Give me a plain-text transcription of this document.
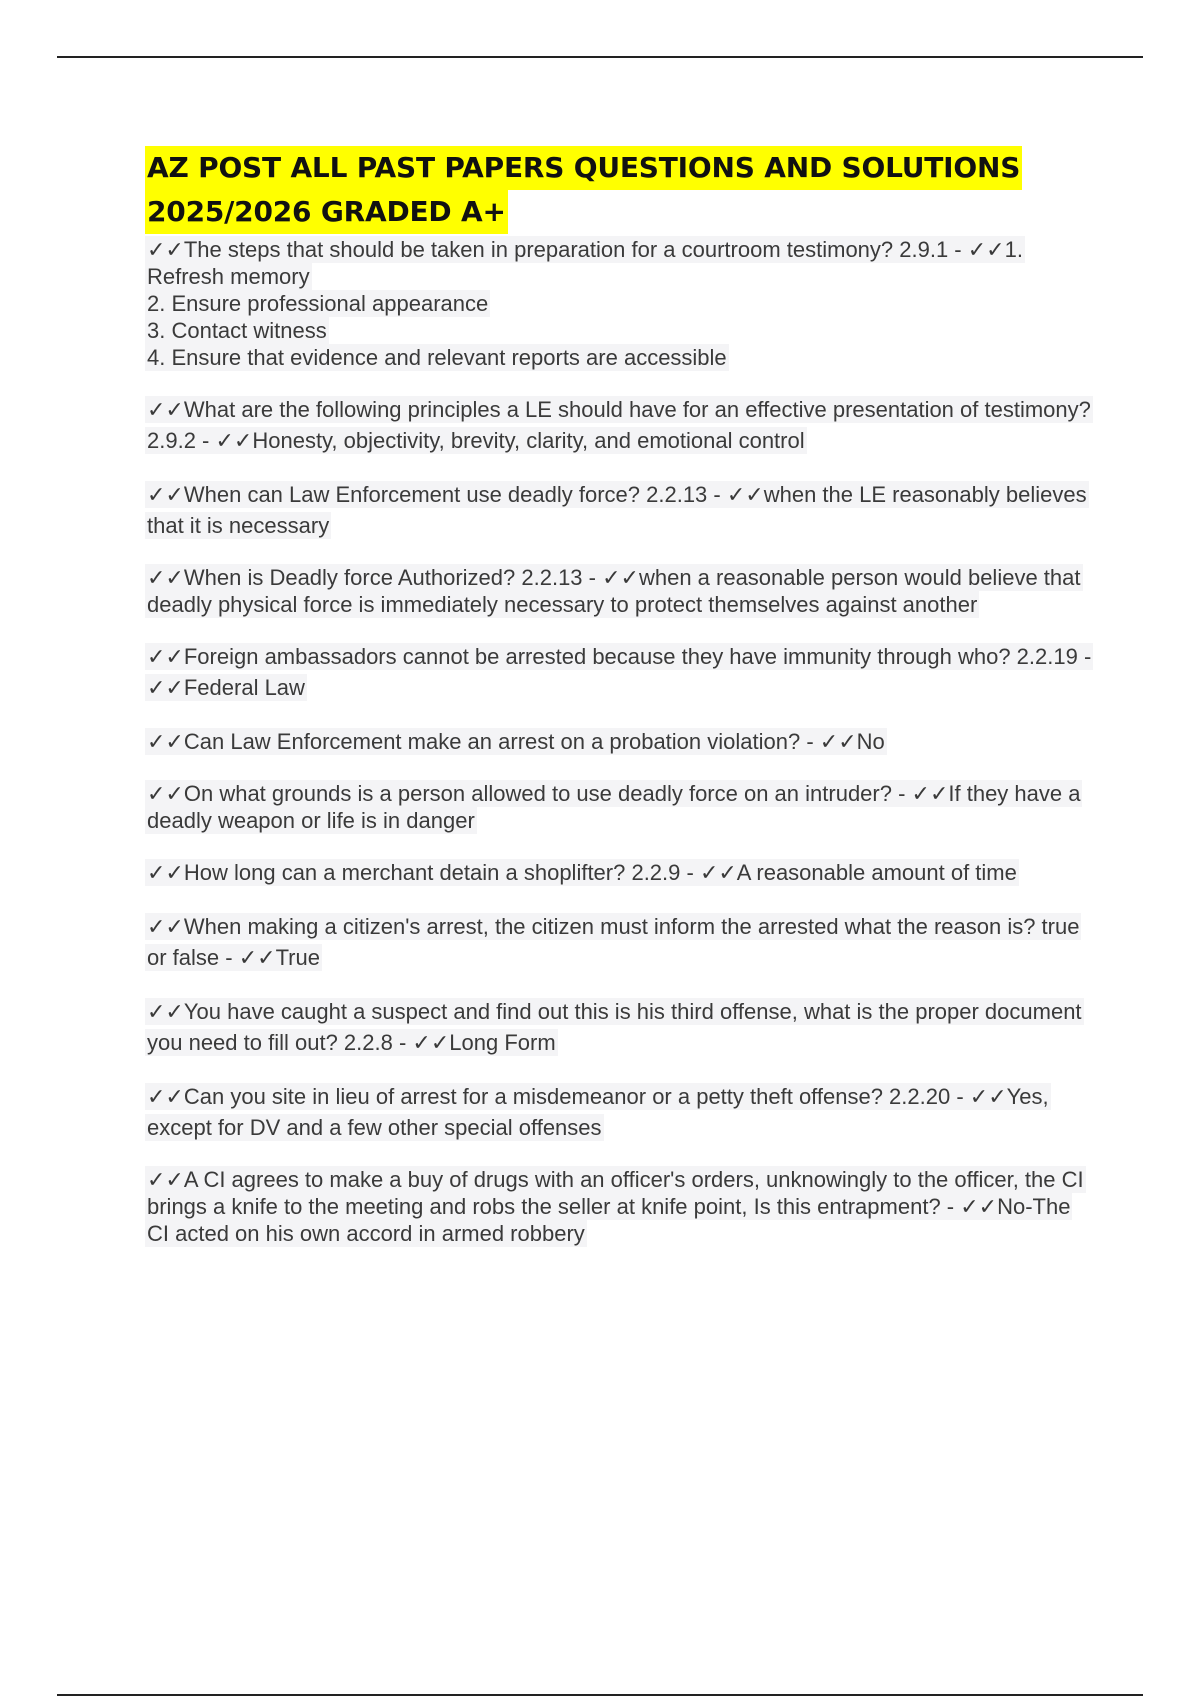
AZ POST ALL PAST PAPERS QUESTIONS AND SOLUTIONS
2025/2026 GRADED A+
✓✓The steps that should be taken in preparation for a courtroom testimony? 2.9.1 - ✓✓1. Refresh memory
2. Ensure professional appearance
3. Contact witness
4. Ensure that evidence and relevant reports are accessible
✓✓What are the following principles a LE should have for an effective presentation of testimony? 2.9.2 - ✓✓Honesty, objectivity, brevity, clarity, and emotional control
✓✓When can Law Enforcement use deadly force? 2.2.13 - ✓✓when the LE reasonably believes that it is necessary
✓✓When is Deadly force Authorized? 2.2.13 - ✓✓when a reasonable person would believe that deadly physical force is immediately necessary to protect themselves against another
✓✓Foreign ambassadors cannot be arrested because they have immunity through who? 2.2.19 - ✓✓Federal Law
✓✓Can Law Enforcement make an arrest on a probation violation? - ✓✓No
✓✓On what grounds is a person allowed to use deadly force on an intruder? - ✓✓If they have a deadly weapon or life is in danger
✓✓How long can a merchant detain a shoplifter? 2.2.9 - ✓✓A reasonable amount of time
✓✓When making a citizen's arrest, the citizen must inform the arrested what the reason is? true or false - ✓✓True
✓✓You have caught a suspect and find out this is his third offense, what is the proper document you need to fill out? 2.2.8 - ✓✓Long Form
✓✓Can you site in lieu of arrest for a misdemeanor or a petty theft offense? 2.2.20 - ✓✓Yes, except for DV and a few other special offenses
✓✓A CI agrees to make a buy of drugs with an officer's orders, unknowingly to the officer, the CI brings a knife to the meeting and robs the seller at knife point, Is this entrapment? - ✓✓No-The CI acted on his own accord in armed robbery
